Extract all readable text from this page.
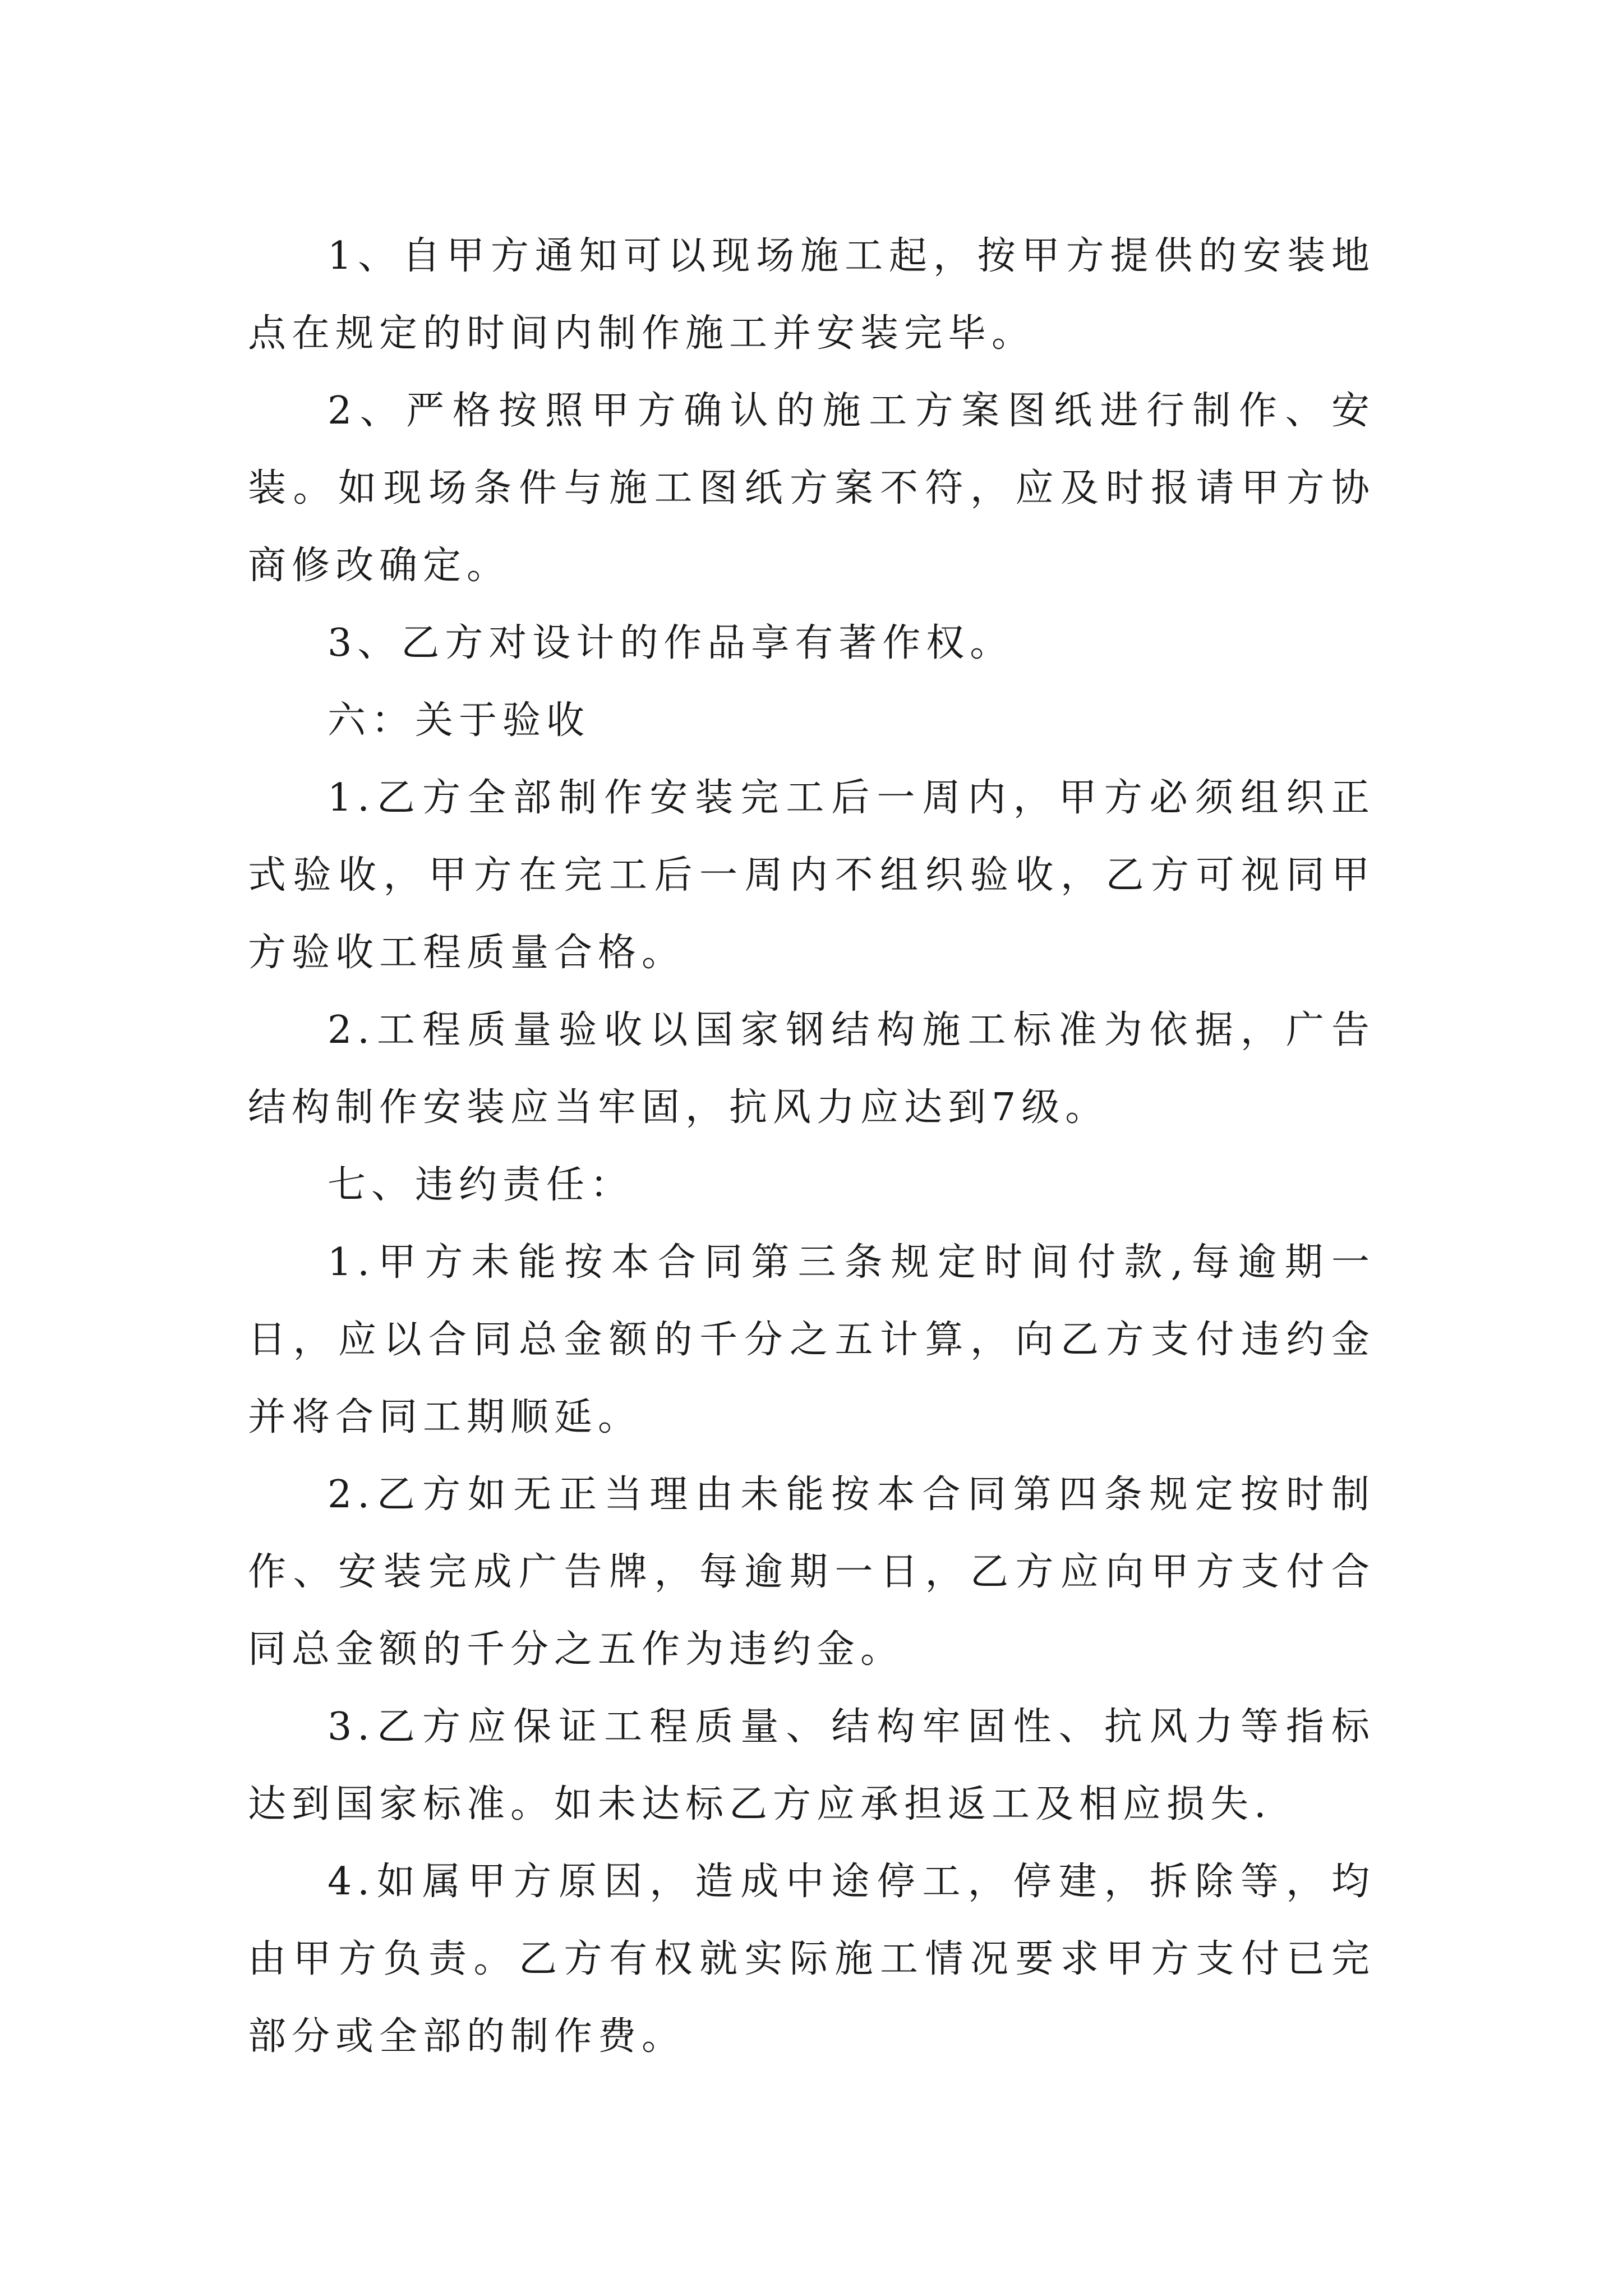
1、自甲方通知可以现场施工起，按甲方提供的安装地点在规定的时间内制作施工并安装完毕。

2、严格按照甲方确认的施工方案图纸进行制作、安装。如现场条件与施工图纸方案不符，应及时报请甲方协商修改确定。

3、乙方对设计的作品享有著作权。

六：关于验收

1.乙方全部制作安装完工后一周内，甲方必须组织正式验收，甲方在完工后一周内不组织验收，乙方可视同甲方验收工程质量合格。

2.工程质量验收以国家钢结构施工标准为依据，广告结构制作安装应当牢固，抗风力应达到7级。

七、违约责任：

1.甲方未能按本合同第三条规定时间付款,每逾期一日，应以合同总金额的千分之五计算，向乙方支付违约金并将合同工期顺延。

2.乙方如无正当理由未能按本合同第四条规定按时制作、安装完成广告牌，每逾期一日，乙方应向甲方支付合同总金额的千分之五作为违约金。

3.乙方应保证工程质量、结构牢固性、抗风力等指标达到国家标准。如未达标乙方应承担返工及相应损失.

4.如属甲方原因，造成中途停工，停建，拆除等，均由甲方负责。乙方有权就实际施工情况要求甲方支付已完部分或全部的制作费。
